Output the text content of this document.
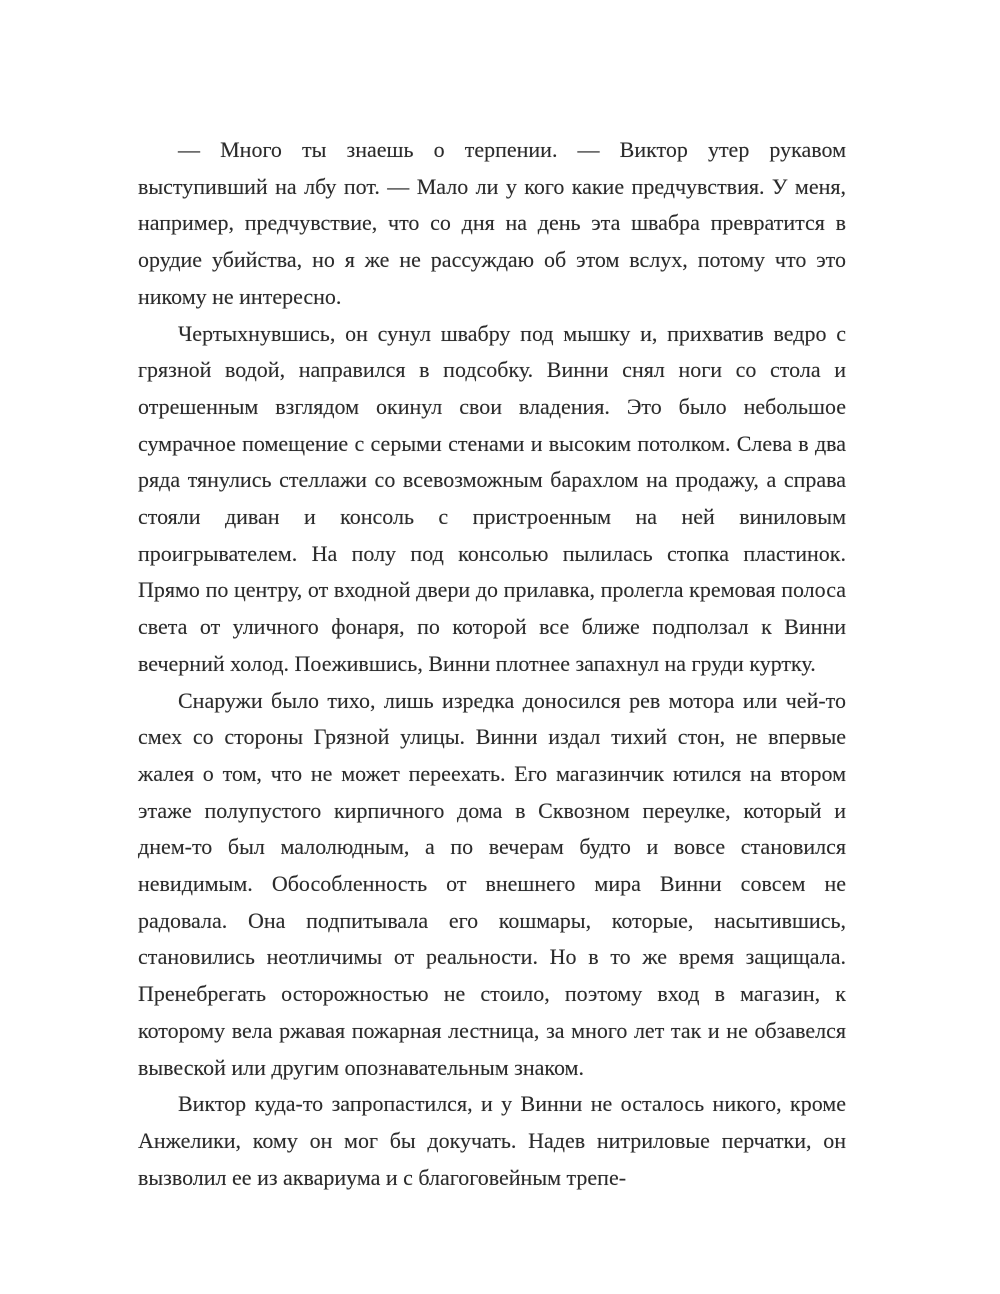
— Много ты знаешь о терпении. — Виктор утер рукавом выступивший на лбу пот. — Мало ли у кого какие предчувствия. У меня, например, предчувствие, что со дня на день эта швабра превратится в орудие убийства, но я же не рассуждаю об этом вслух, потому что это никому не интересно.

Чертыхнувшись, он сунул швабру под мышку и, прихватив ведро с грязной водой, направился в подсобку. Винни снял ноги со стола и отрешенным взглядом окинул свои владения. Это было небольшое сумрачное помещение с серыми стенами и высоким потолком. Слева в два ряда тянулись стеллажи со всевозможным барахлом на продажу, а справа стояли диван и консоль с пристроенным на ней виниловым проигрывателем. На полу под консолью пылилась стопка пластинок. Прямо по центру, от входной двери до прилавка, пролегла кремовая полоса света от уличного фонаря, по которой все ближе подползал к Винни вечерний холод. Поежившись, Винни плотнее запахнул на груди куртку.

Снаружи было тихо, лишь изредка доносился рев мотора или чей-то смех со стороны Грязной улицы. Винни издал тихий стон, не впервые жалея о том, что не может переехать. Его магазинчик ютился на втором этаже полупустого кирпичного дома в Сквозном переулке, который и днем-то был малолюдным, а по вечерам будто и вовсе становился невидимым. Обособленность от внешнего мира Винни совсем не радовала. Она подпитывала его кошмары, которые, насытившись, становились неотличимы от реальности. Но в то же время защищала. Пренебрегать осторожностью не стоило, поэтому вход в магазин, к которому вела ржавая пожарная лестница, за много лет так и не обзавелся вывеской или другим опознавательным знаком.

Виктор куда-то запропастился, и у Винни не осталось никого, кроме Анжелики, кому он мог бы докучать. Надев нитриловые перчатки, он вызволил ее из аквариума и с благоговейным трепе-
